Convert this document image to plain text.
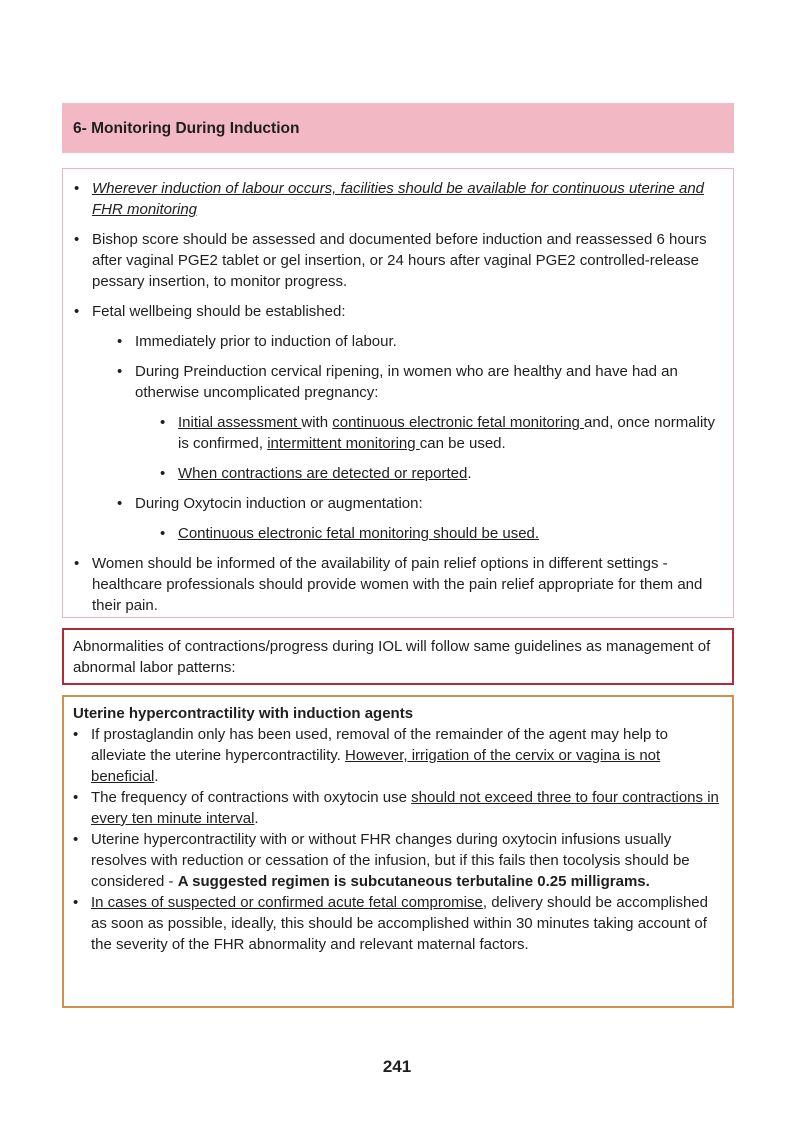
6- Monitoring During Induction
• Wherever induction of labour occurs, facilities should be available for continuous uterine and FHR monitoring
• Bishop score should be assessed and documented before induction and reassessed 6 hours after vaginal PGE2 tablet or gel insertion, or 24 hours after vaginal PGE2 controlled-release pessary insertion, to monitor progress.
• Fetal wellbeing should be established:
• Immediately prior to induction of labour.
• During Preinduction cervical ripening, in women who are healthy and have had an otherwise uncomplicated pregnancy:
• Initial assessment with continuous electronic fetal monitoring and, once normality is confirmed, intermittent monitoring can be used.
• When contractions are detected or reported.
• During Oxytocin induction or augmentation:
• Continuous electronic fetal monitoring should be used.
• Women should be informed of the availability of pain relief options in different settings - healthcare professionals should provide women with the pain relief appropriate for them and their pain.

Abnormalities of contractions/progress during IOL will follow same guidelines as management of abnormal labor patterns:

Uterine hypercontractility with induction agents

• If prostaglandin only has been used, removal of the remainder of the agent may help to alleviate the uterine hypercontractility. However, irrigation of the cervix or vagina is not beneficial.
• The frequency of contractions with oxytocin use should not exceed three to four contractions in every ten minute interval.
• Uterine hypercontractility with or without FHR changes during oxytocin infusions usually resolves with reduction or cessation of the infusion, but if this fails then tocolysis should be considered - A suggested regimen is subcutaneous terbutaline 0.25 milligrams.
• In cases of suspected or confirmed acute fetal compromise, delivery should be accomplished as soon as possible, ideally, this should be accomplished within 30 minutes taking account of the severity of the FHR abnormality and relevant maternal factors.
241
